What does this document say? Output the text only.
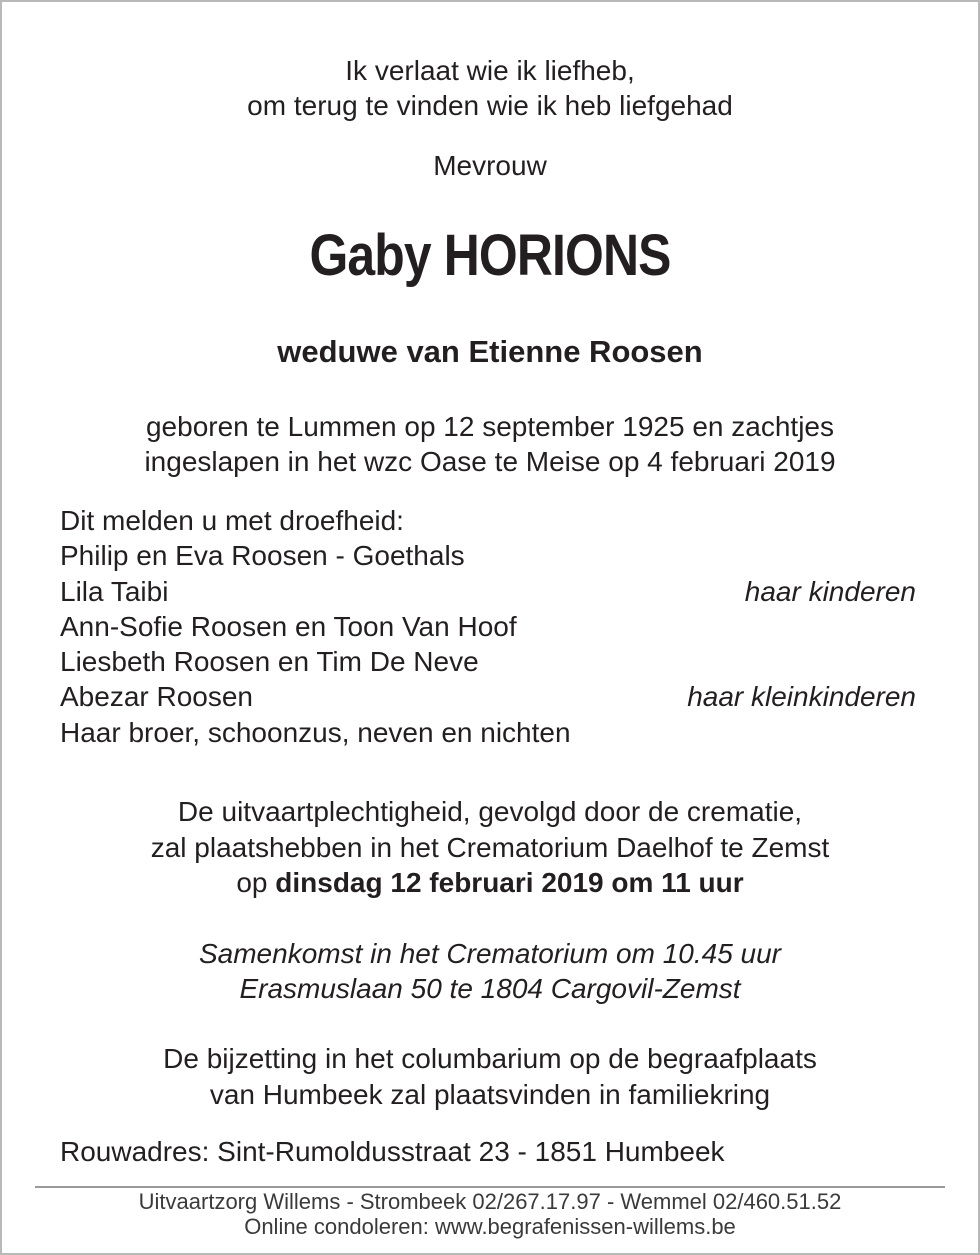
Ik verlaat wie ik liefheb,
om terug te vinden wie ik heb liefgehad
Mevrouw
Gaby HORIONS
weduwe van Etienne Roosen
geboren te Lummen op 12 september 1925 en zachtjes
ingeslapen in het wzc Oase te Meise op 4 februari 2019
Dit melden u met droefheid:
Philip en Eva Roosen - Goethals
Lila Taibi	haar kinderen
Ann-Sofie Roosen en Toon Van Hoof
Liesbeth Roosen en Tim De Neve
Abezar Roosen	haar kleinkinderen
Haar broer, schoonzus, neven en nichten
De uitvaartplechtigheid, gevolgd door de crematie,
zal plaatshebben in het Crematorium Daelhof te Zemst
op dinsdag 12 februari 2019 om 11 uur
Samenkomst in het Crematorium om 10.45 uur
Erasmuslaan 50 te 1804 Cargovil-Zemst
De bijzetting in het columbarium op de begraafplaats
van Humbeek zal plaatsvinden in familiekring
Rouwadres: Sint-Rumoldusstraat 23 - 1851 Humbeek
Uitvaartzorg Willems - Strombeek 02/267.17.97 - Wemmel 02/460.51.52
Online condoleren: www.begrafenissen-willems.be
